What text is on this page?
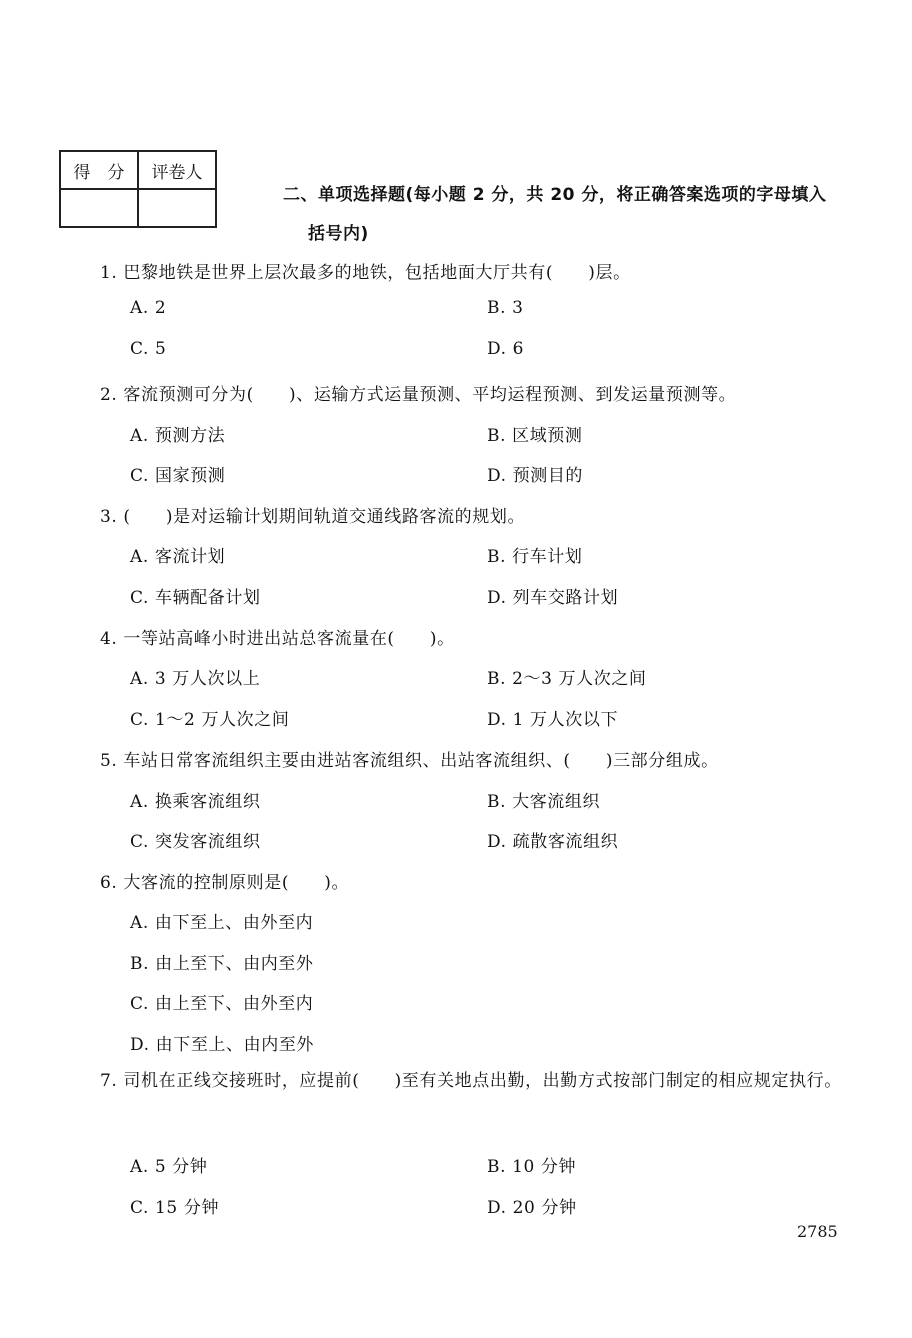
得　分	评卷人

二、单项选择题(每小题 2 分，共 20 分，将正确答案选项的字母填入
括号内)
1. 巴黎地铁是世界上层次最多的地铁，包括地面大厅共有(　　)层。
A. 2	B. 3
C. 5	D. 6
2. 客流预测可分为(　　)、运输方式运量预测、平均运程预测、到发运量预测等。
A. 预测方法	B. 区域预测
C. 国家预测	D. 预测目的
3. (　　)是对运输计划期间轨道交通线路客流的规划。
A. 客流计划	B. 行车计划
C. 车辆配备计划	D. 列车交路计划
4. 一等站高峰小时进出站总客流量在(　　)。
A. 3 万人次以上	B. 2～3 万人次之间
C. 1～2 万人次之间	D. 1 万人次以下
5. 车站日常客流组织主要由进站客流组织、出站客流组织、(　　)三部分组成。
A. 换乘客流组织	B. 大客流组织
C. 突发客流组织	D. 疏散客流组织
6. 大客流的控制原则是(　　)。
A. 由下至上、由外至内
B. 由上至下、由内至外
C. 由上至下、由外至内
D. 由下至上、由内至外
7. 司机在正线交接班时，应提前(　　)至有关地点出勤，出勤方式按部门制定的相应规定执行。
A. 5 分钟	B. 10 分钟
C. 15 分钟	D. 20 分钟
2785
